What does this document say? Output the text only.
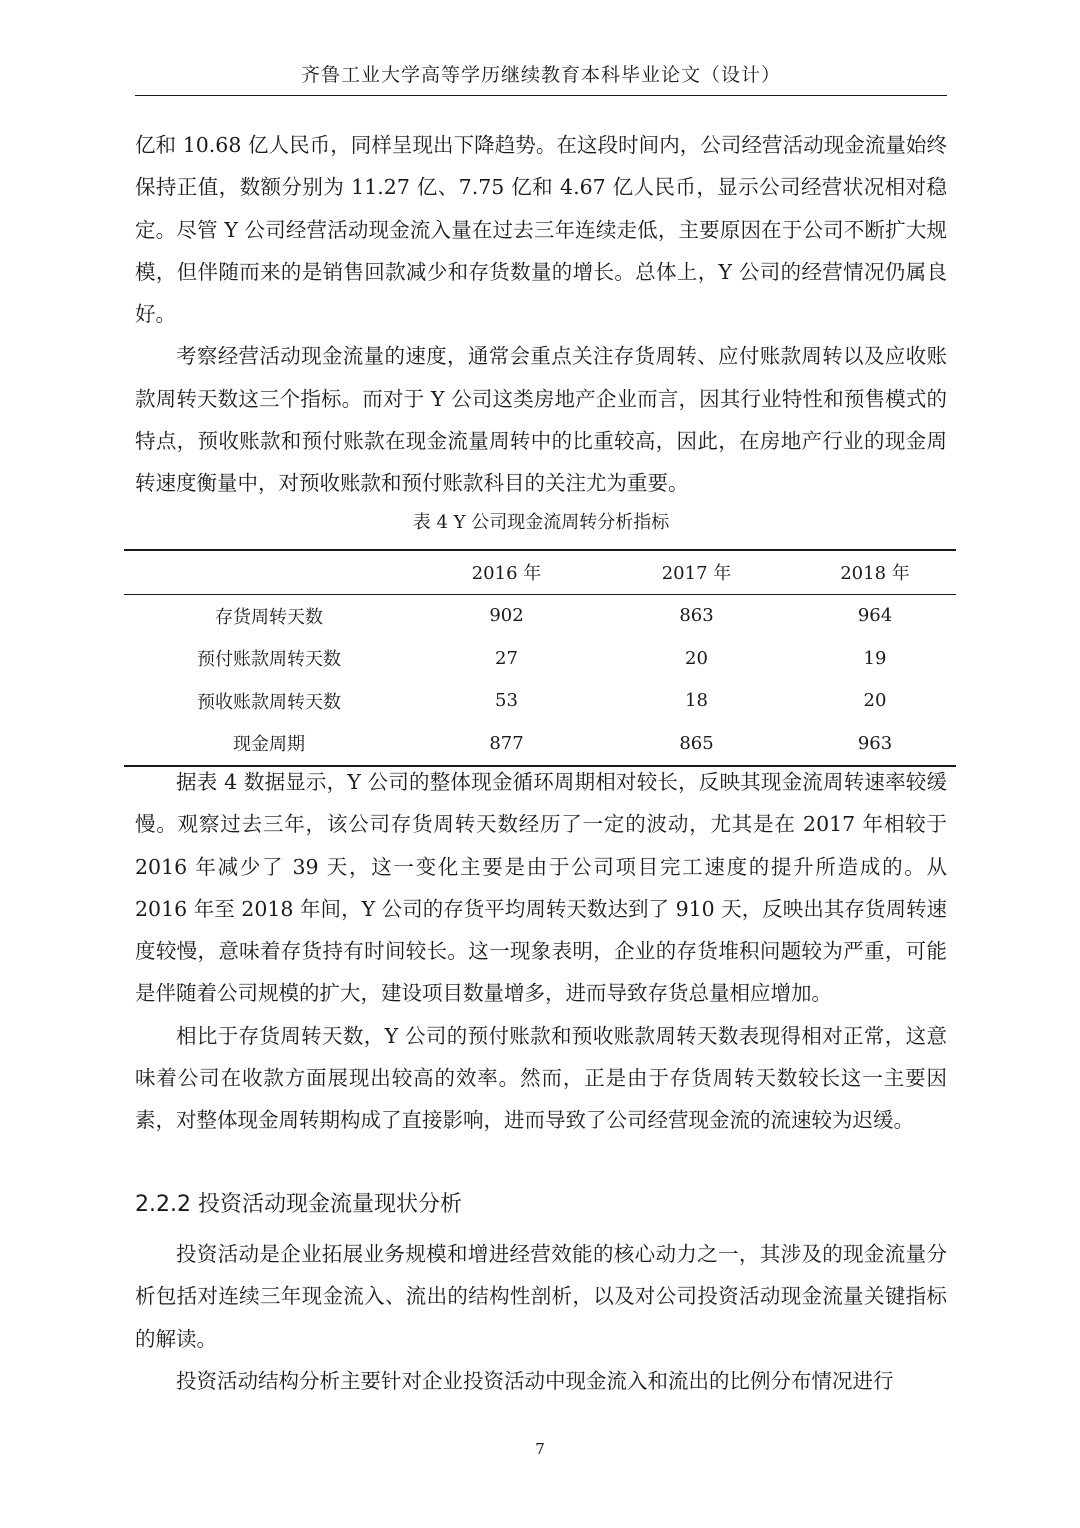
齐鲁工业大学高等学历继续教育本科毕业论文（设计）

亿和 10.68 亿人民币，同样呈现出下降趋势。在这段时间内，公司经营活动现金流量始终保持正值，数额分别为 11.27 亿、7.75 亿和 4.67 亿人民币，显示公司经营状况相对稳定。尽管 Y 公司经营活动现金流入量在过去三年连续走低，主要原因在于公司不断扩大规模，但伴随而来的是销售回款减少和存货数量的增长。总体上，Y 公司的经营情况仍属良好。

考察经营活动现金流量的速度，通常会重点关注存货周转、应付账款周转以及应收账款周转天数这三个指标。而对于 Y 公司这类房地产企业而言，因其行业特性和预售模式的特点，预收账款和预付账款在现金流量周转中的比重较高，因此，在房地产行业的现金周转速度衡量中，对预收账款和预付账款科目的关注尤为重要。

表 4 Y 公司现金流周转分析指标
	2016 年	2017 年	2018 年
存货周转天数	902	863	964
预付账款周转天数	27	20	19
预收账款周转天数	53	18	20
现金周期	877	865	963

据表 4 数据显示，Y 公司的整体现金循环周期相对较长，反映其现金流周转速率较缓慢。观察过去三年，该公司存货周转天数经历了一定的波动，尤其是在 2017 年相较于 2016 年减少了 39 天，这一变化主要是由于公司项目完工速度的提升所造成的。从 2016 年至 2018 年间，Y 公司的存货平均周转天数达到了 910 天，反映出其存货周转速度较慢，意味着存货持有时间较长。这一现象表明，企业的存货堆积问题较为严重，可能是伴随着公司规模的扩大，建设项目数量增多，进而导致存货总量相应增加。

相比于存货周转天数，Y 公司的预付账款和预收账款周转天数表现得相对正常，这意味着公司在收款方面展现出较高的效率。然而，正是由于存货周转天数较长这一主要因素，对整体现金周转期构成了直接影响，进而导致了公司经营现金流的流速较为迟缓。

2.2.2 投资活动现金流量现状分析

投资活动是企业拓展业务规模和增进经营效能的核心动力之一，其涉及的现金流量分析包括对连续三年现金流入、流出的结构性剖析，以及对公司投资活动现金流量关键指标的解读。

投资活动结构分析主要针对企业投资活动中现金流入和流出的比例分布情况进行

7
